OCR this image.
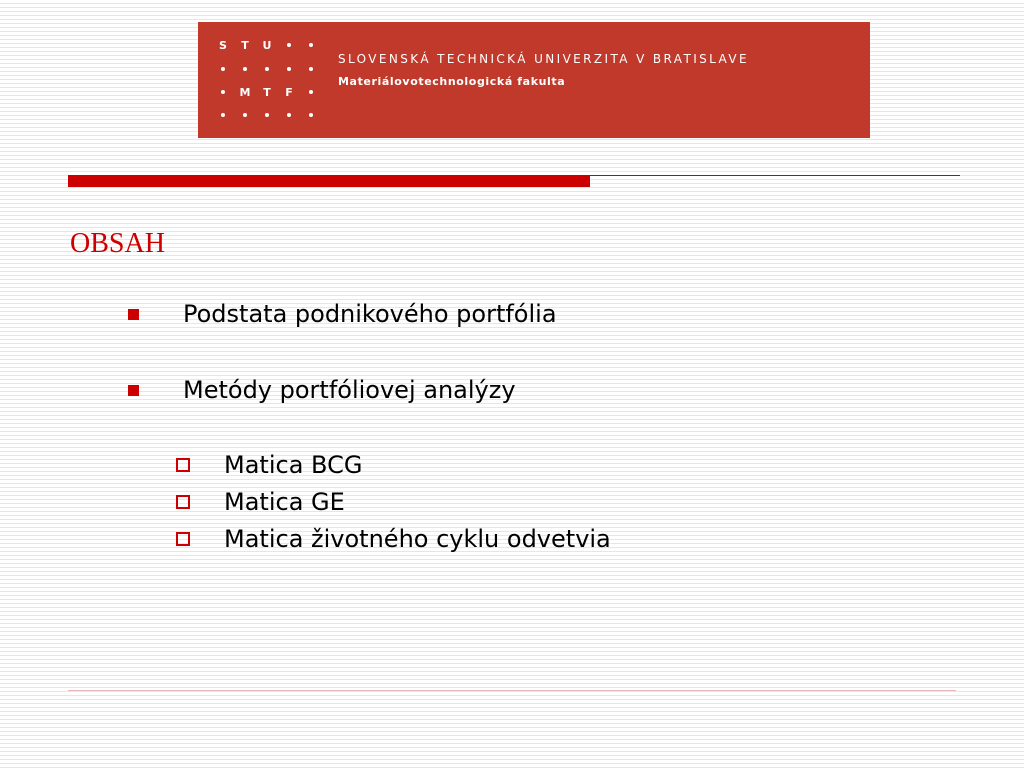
S	T	U
M	T	F
SLOVENSKÁ TECHNICKÁ UNIVERZITA V BRATISLAVE
Materiálovotechnologická fakulta
OBSAH
Podstata podnikového portfólia
Metódy portfóliovej analýzy
Matica BCG
Matica GE
Matica životného cyklu odvetvia
